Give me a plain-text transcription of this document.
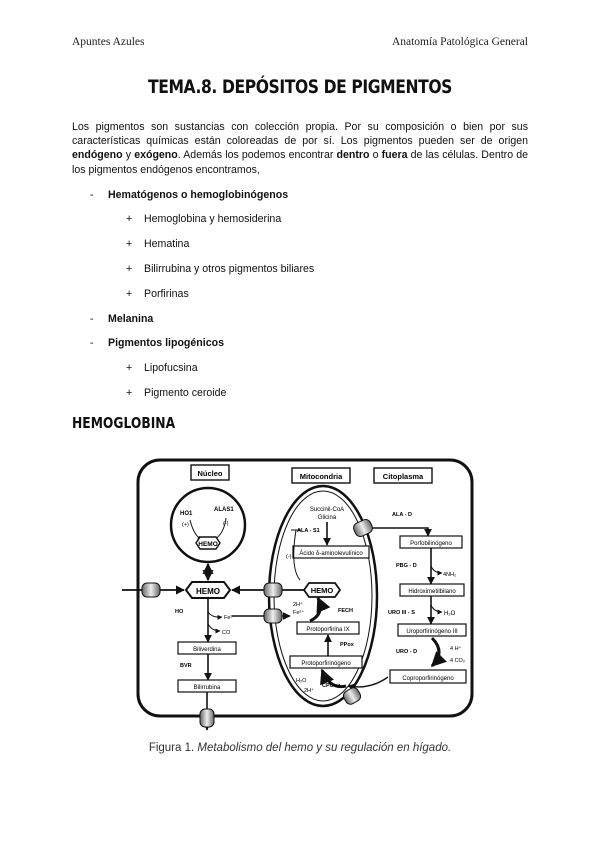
Apuntes Azules	Anatomía Patológica General
TEMA.8. DEPÓSITOS DE PIGMENTOS
Los pigmentos son sustancias con colección propia. Por su composición o bien por sus características químicas están coloreadas de por sí. Los pigmentos pueden ser de origen endógeno y exógeno. Además los podemos encontrar dentro o fuera de las células. Dentro de los pigmentos endógenos encontramos,
- Hematógenos o hemoglobinógenos
+ Hemoglobina y hemosiderina
+ Hematina
+ Bilirrubina y otros pigmentos biliares
+ Porfirinas
- Melanina
- Pigmentos lipogénicos
+ Lipofucsina
+ Pigmento ceroide
HEMOGLOBINA
Núcleo	Mitocondria	Citoplasma
HO1
(+)
ALAS1
(-)
HEMO
HEMO
HO
Fe²⁺
CO
Biliverdina
BVR
Bilirrubina
Succinil-CoA
Glicina
ALA - S1
Ácido δ-aminolevulínico
(-)
HEMO
2H⁺
Fe²⁺	FECH
Protoporfirina IX
PPox
Protoporfirinógeno
H₂O
2H⁺
CPGox
ALA - D
Porfobilinógeno
PBG - D
4NH₂
Hidroximetilbilano
URO III - S	H₂O
Uroporfirinógeno III
URO - D	4 H⁺
4 CO₂
Coproporfirinógeno
Figura 1. Metabolismo del hemo y su regulación en hígado.
